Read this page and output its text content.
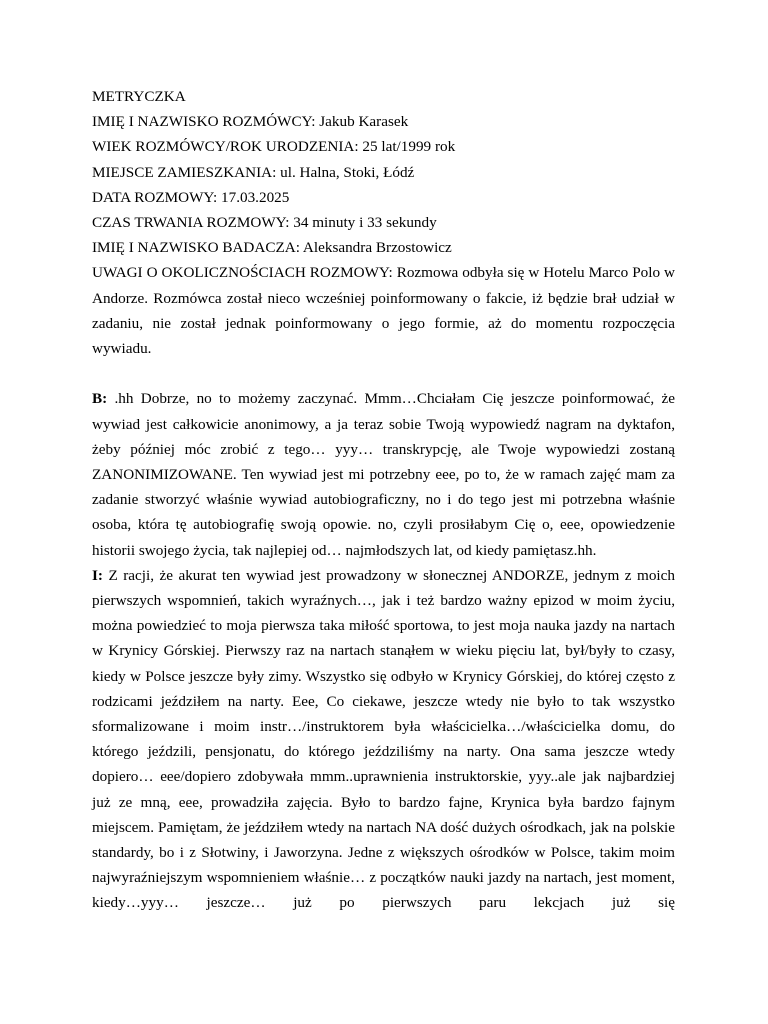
METRYCZKA

IMIĘ I NAZWISKO ROZMÓWCY: Jakub Karasek

WIEK ROZMÓWCY/ROK URODZENIA: 25 lat/1999 rok

MIEJSCE ZAMIESZKANIA: ul. Halna, Stoki, Łódź

DATA ROZMOWY: 17.03.2025

CZAS TRWANIA ROZMOWY: 34 minuty i 33 sekundy

IMIĘ I NAZWISKO BADACZA: Aleksandra Brzostowicz

UWAGI O OKOLICZNOŚCIACH ROZMOWY: Rozmowa odbyła się w Hotelu Marco Polo w Andorze. Rozmówca został nieco wcześniej poinformowany o fakcie, iż będzie brał udział w zadaniu, nie został jednak poinformowany o jego formie, aż do momentu rozpoczęcia wywiadu.

B: .hh Dobrze, no to możemy zaczynać. Mmm…Chciałam Cię jeszcze poinformować, że wywiad jest całkowicie anonimowy, a ja teraz sobie Twoją wypowiedź nagram na dyktafon, żeby później móc zrobić z tego… yyy… transkrypcję, ale Twoje wypowiedzi zostaną ZANONIMIZOWANE. Ten wywiad jest mi potrzebny eee, po to, że w ramach zajęć mam za zadanie stworzyć właśnie wywiad autobiograficzny, no i do tego jest mi potrzebna właśnie osoba, która tę autobiografię swoją opowie. no, czyli prosiłabym Cię o, eee, opowiedzenie historii swojego życia, tak najlepiej od… najmłodszych lat, od kiedy pamiętasz.hh.

I: Z racji, że akurat ten wywiad jest prowadzony w słonecznej ANDORZE, jednym z moich pierwszych wspomnień, takich wyraźnych…, jak i też bardzo ważny epizod w moim życiu, można powiedzieć to moja pierwsza taka miłość sportowa, to jest moja nauka jazdy na nartach w Krynicy Górskiej. Pierwszy raz na nartach stanąłem w wieku pięciu lat, był/były to czasy, kiedy w Polsce jeszcze były zimy. Wszystko się odbyło w Krynicy Górskiej, do której często z rodzicami jeździłem na narty. Eee, Co ciekawe, jeszcze wtedy nie było to tak wszystko sformalizowane i moim instr…/instruktorem była właścicielka…/właścicielka domu, do którego jeździli, pensjonatu, do którego jeździliśmy na narty. Ona sama jeszcze wtedy dopiero… eee/dopiero zdobywała mmm..uprawnienia instruktorskie, yyy..ale jak najbardziej już ze mną, eee, prowadziła zajęcia. Było to bardzo fajne, Krynica była bardzo fajnym miejscem. Pamiętam, że jeździłem wtedy na nartach NA dość dużych ośrodkach, jak na polskie standardy, bo i z Słotwiny, i Jaworzyna. Jedne z większych ośrodków w Polsce, takim moim najwyraźniejszym wspomnieniem właśnie… z początków nauki jazdy na nartach, jest moment, kiedy…yyy… jeszcze… już po pierwszych paru lekcjach już się
